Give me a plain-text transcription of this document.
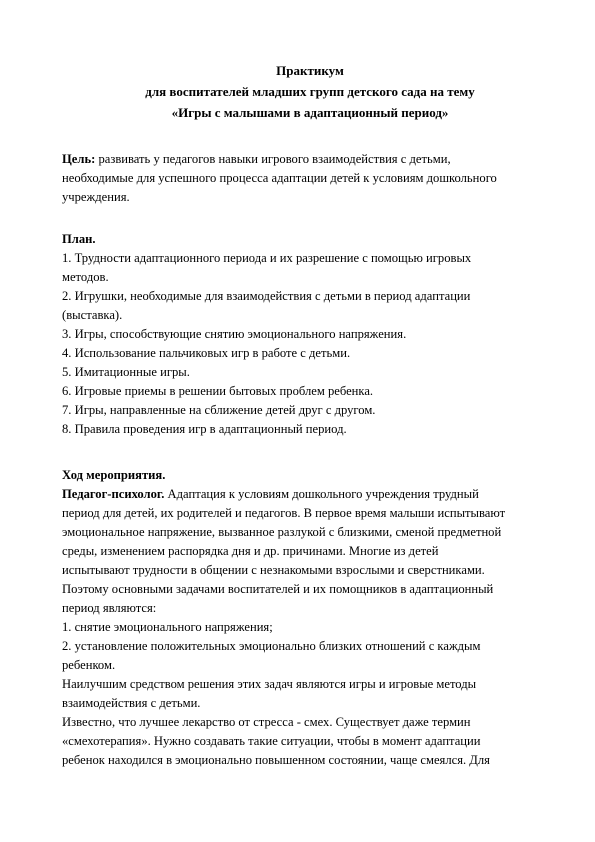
Практикум
для воспитателей младших групп детского сада на тему
«Игры с малышами в адаптационный период»
Цель: развивать у педагогов навыки игрового взаимодействия с детьми,
необходимые для успешного процесса адаптации детей к условиям дошкольного
учреждения.
План.
1. Трудности адаптационного периода и их разрешение с помощью игровых
методов.
2. Игрушки, необходимые для взаимодействия с детьми в период адаптации
(выставка).
3. Игры, способствующие снятию эмоционального напряжения.
4. Использование пальчиковых игр в работе с детьми.
5. Имитационные игры.
6. Игровые приемы в решении бытовых проблем ребенка.
7. Игры, направленные на сближение детей друг с другом.
8. Правила проведения игр в адаптационный период.
Ход мероприятия.
Педагог-психолог. Адаптация к условиям дошкольного учреждения трудный
период для детей, их родителей и педагогов. В первое время малыши испытывают
эмоциональное напряжение, вызванное разлукой с близкими, сменой предметной
среды, изменением распорядка дня и др. причинами. Многие из детей
испытывают трудности в общении с незнакомыми взрослыми и сверстниками.
Поэтому основными задачами воспитателей и их помощников в адаптационный
период являются:
1. снятие эмоционального напряжения;
2. установление положительных эмоционально близких отношений с каждым
ребенком.
Наилучшим средством решения этих задач являются игры и игровые методы
взаимодействия с детьми.
Известно, что лучшее лекарство от стресса - смех. Существует даже термин
«смехотерапия». Нужно создавать такие ситуации, чтобы в момент адаптации
ребенок находился в эмоционально повышенном состоянии, чаще смеялся. Для
